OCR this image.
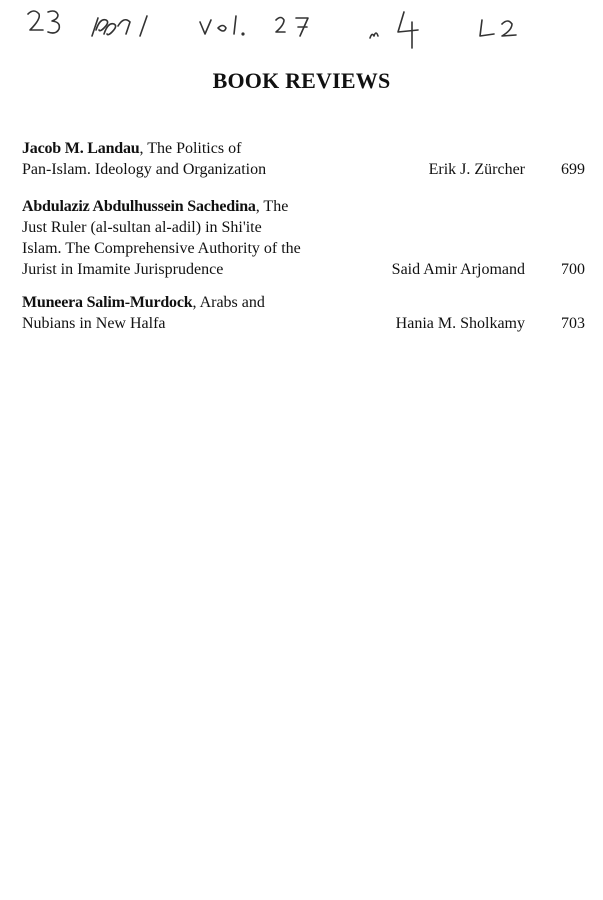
BOOK REVIEWS
Jacob M. Landau, The Politics of
Pan-Islam. Ideology and Organization	Erik J. Zürcher 699
Abdulaziz Abdulhussein Sachedina, The
Just Ruler (al-sultan al-adil) in Shi'ite
Islam. The Comprehensive Authority of the
Jurist in Imamite Jurisprudence	Said Amir Arjomand 700
Muneera Salim-Murdock, Arabs and
Nubians in New Halfa	Hania M. Sholkamy 703
